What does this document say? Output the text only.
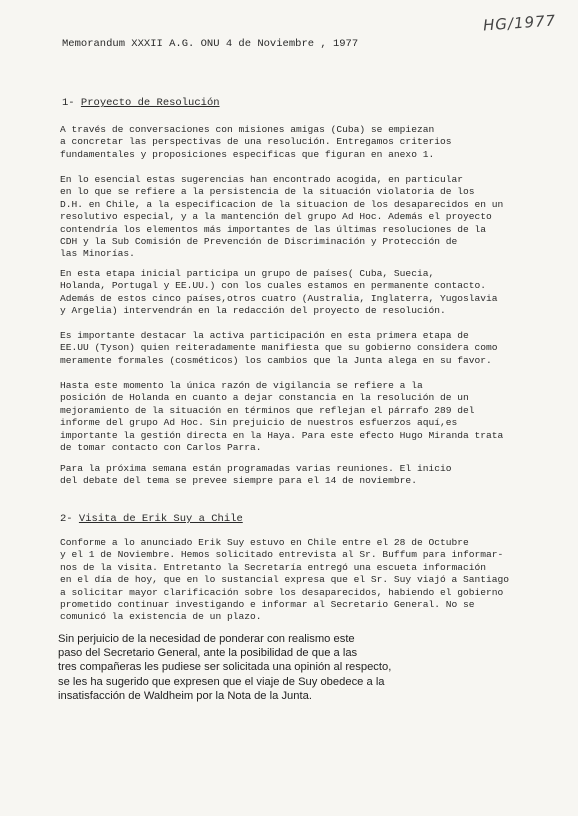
HG/1977
Memorandum XXXII A.G. ONU 4 de Noviembre , 1977
1- Proyecto de Resolución

A través de conversaciones con misiones amigas (Cuba) se empiezan
a concretar las perspectivas de una resolución. Entregamos criterios
fundamentales y proposiciones especificas que figuran en anexo 1.

En lo esencial estas sugerencias han encontrado acogida, en particular
en lo que se refiere a la persistencia de la situación violatoria de los
D.H. en Chile, a la especificacion de la situacion de los desaparecidos en un
resolutivo especial, y a la mantención del grupo Ad Hoc. Además el proyecto
contendría los elementos más importantes de las últimas resoluciones de la
CDH y la Sub Comisión de Prevención de Discriminación y Protección de
las Minorías.

En esta etapa inicial participa un grupo de países( Cuba, Suecia,
Holanda, Portugal y EE.UU.) con los cuales estamos en permanente contacto.
Además de estos cinco países,otros cuatro (Australia, Inglaterra, Yugoslavia
y Argelia) intervendrán en la redacción del proyecto de resolución.

Es importante destacar la activa participación en esta primera etapa de
EE.UU (Tyson) quien reiteradamente manifiesta que su gobierno considera como
meramente formales (cosméticos) los cambios que la Junta alega en su favor.

Hasta este momento la única razón de vigilancia se refiere a la
posición de Holanda en cuanto a dejar constancia en la resolución de un
mejoramiento de la situación en términos que reflejan el párrafo 289 del
informe del grupo Ad Hoc. Sin prejuicio de nuestros esfuerzos aquí,es
importante la gestión directa en la Haya. Para este efecto Hugo Miranda trata
de tomar contacto con Carlos Parra.

Para la próxima semana están programadas varias reuniones. El inicio
del debate del tema se prevee siempre para el 14 de noviembre.

2- Visita de Erik Suy a Chile

Conforme a lo anunciado Erik Suy estuvo en Chile entre el 28 de Octubre
y el 1 de Noviembre. Hemos solicitado entrevista al Sr. Buffum para informar-
nos de la visita. Entretanto la Secretaría entregó una escueta información
en el día de hoy, que en lo sustancial expresa que el Sr. Suy viajó a Santiago
a solicitar mayor clarificación sobre los desaparecidos, habiendo el gobierno
prometido continuar investigando e informar al Secretario General. No se
comunicó la existencia de un plazo.

Sin perjuicio de la necesidad de ponderar con realismo este
paso del Secretario General, ante la posibilidad de que a las
tres compañeras les pudiese ser solicitada una opinión al respecto,
se les ha sugerido que expresen que el viaje de Suy obedece a la
insatisfacción de Waldheim por la Nota de la Junta.
